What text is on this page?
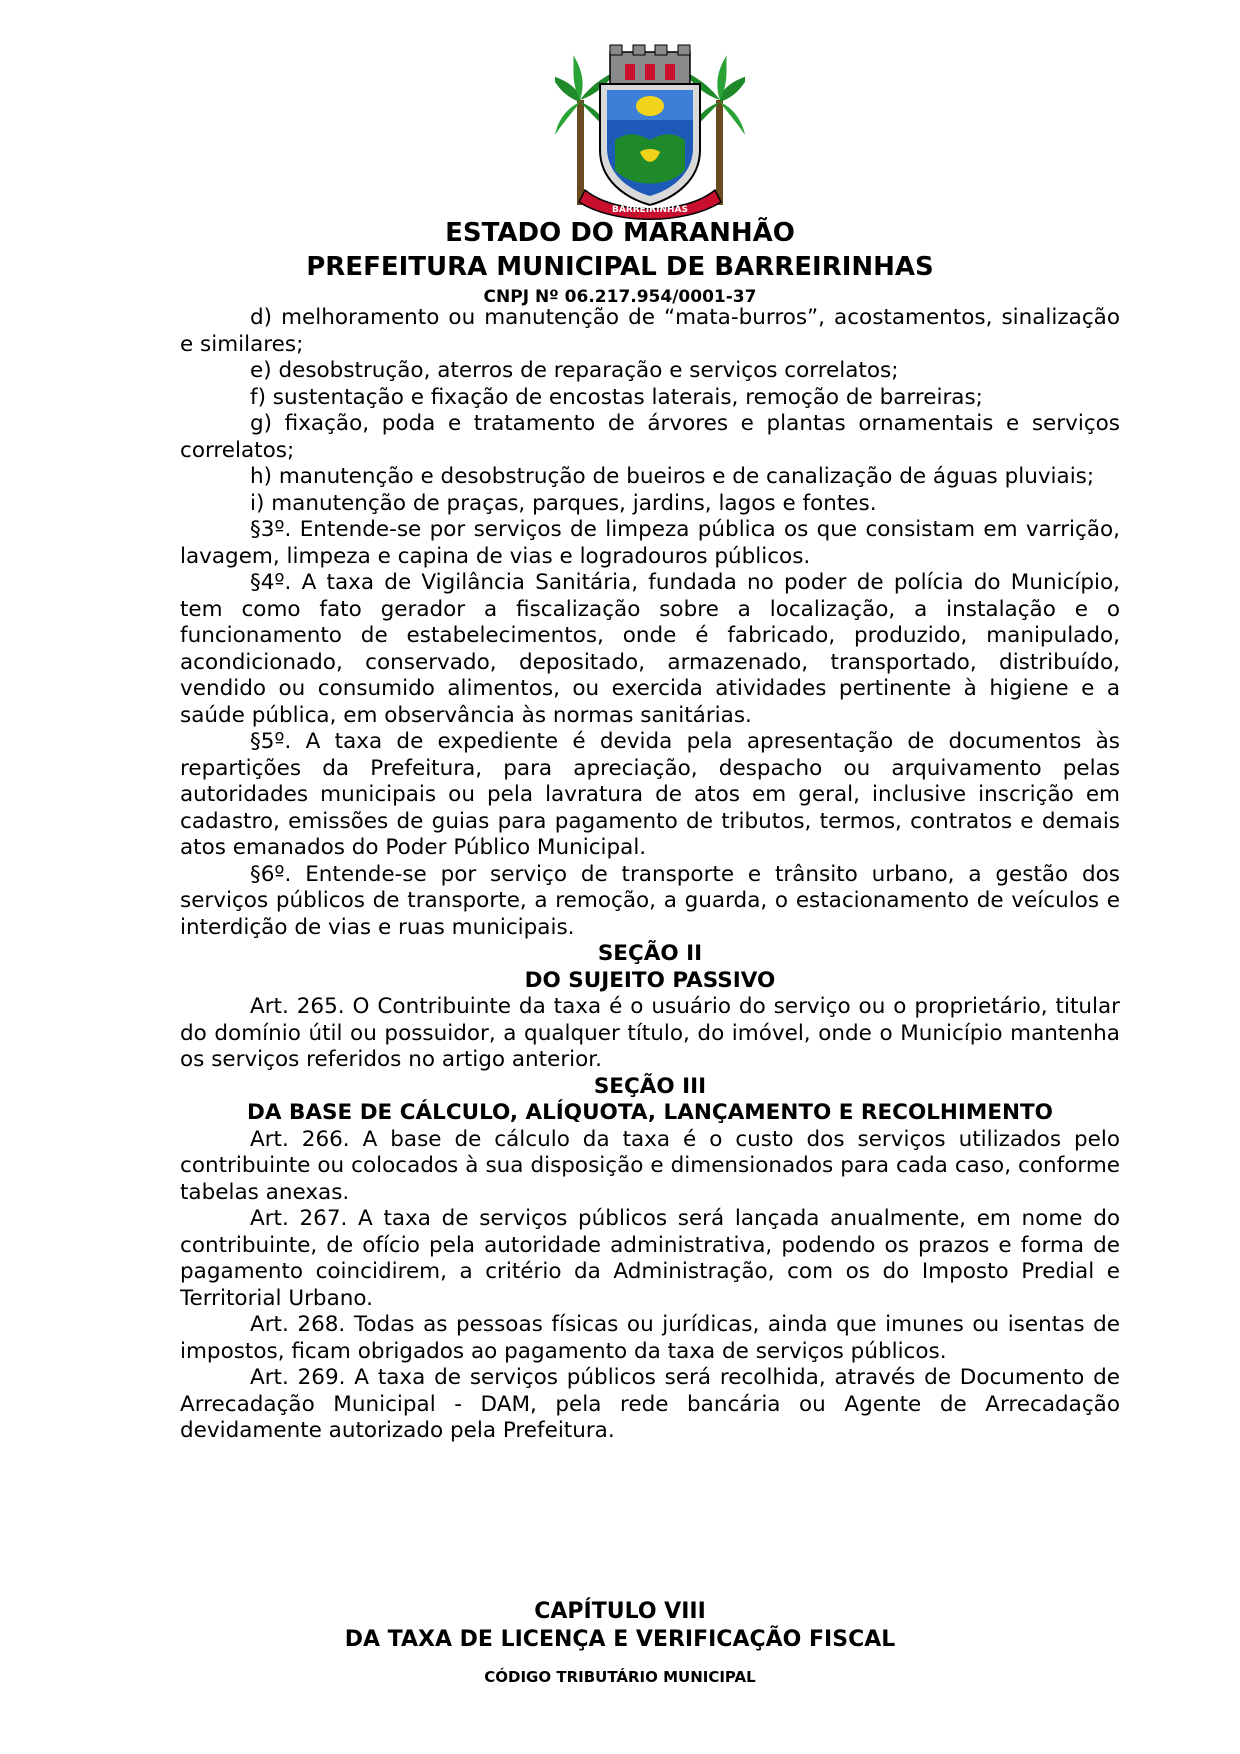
BARREIRINHAS
ESTADO DO MARANHÃO
PREFEITURA MUNICIPAL DE BARREIRINHAS
CNPJ Nº 06.217.954/0001-37

d) melhoramento ou manutenção de “mata-burros”, acostamentos, sinalização e similares;

e) desobstrução, aterros de reparação e serviços correlatos;

f) sustentação e fixação de encostas laterais, remoção de barreiras;

g) fixação, poda e tratamento de árvores e plantas ornamentais e serviços correlatos;

h) manutenção e desobstrução de bueiros e de canalização de águas pluviais;

i) manutenção de praças, parques, jardins, lagos e fontes.

§3º. Entende-se por serviços de limpeza pública os que consistam em varrição, lavagem, limpeza e capina de vias e logradouros públicos.

§4º. A taxa de Vigilância Sanitária, fundada no poder de polícia do Município, tem como fato gerador a fiscalização sobre a localização, a instalação e o funcionamento de estabelecimentos, onde é fabricado, produzido, manipulado, acondicionado, conservado, depositado, armazenado, transportado, distribuído, vendido ou consumido alimentos, ou exercida atividades pertinente à higiene e a saúde pública, em observância às normas sanitárias.

§5º. A taxa de expediente é devida pela apresentação de documentos às repartições da Prefeitura, para apreciação, despacho ou arquivamento pelas autoridades municipais ou pela lavratura de atos em geral, inclusive inscrição em cadastro, emissões de guias para pagamento de tributos, termos, contratos e demais atos emanados do Poder Público Municipal.

§6º. Entende-se por serviço de transporte e trânsito urbano, a gestão dos serviços públicos de transporte, a remoção, a guarda, o estacionamento de veículos e interdição de vias e ruas municipais.

SEÇÃO II

DO SUJEITO PASSIVO

Art. 265. O Contribuinte da taxa é o usuário do serviço ou o proprietário, titular do domínio útil ou possuidor, a qualquer título, do imóvel, onde o Município mantenha os serviços referidos no artigo anterior.

SEÇÃO III

DA BASE DE CÁLCULO, ALÍQUOTA, LANÇAMENTO E RECOLHIMENTO

Art. 266. A base de cálculo da taxa é o custo dos serviços utilizados pelo contribuinte ou colocados à sua disposição e dimensionados para cada caso, conforme tabelas anexas.

Art. 267. A taxa de serviços públicos será lançada anualmente, em nome do contribuinte, de ofício pela autoridade administrativa, podendo os prazos e forma de pagamento coincidirem, a critério da Administração, com os do Imposto Predial e Territorial Urbano.

Art. 268. Todas as pessoas físicas ou jurídicas, ainda que imunes ou isentas de impostos, ficam obrigados ao pagamento da taxa de serviços públicos.

Art. 269. A taxa de serviços públicos será recolhida, através de Documento de Arrecadação Municipal - DAM, pela rede bancária ou Agente de Arrecadação devidamente autorizado pela Prefeitura.

CAPÍTULO VIII
DA TAXA DE LICENÇA E VERIFICAÇÃO FISCAL
CÓDIGO TRIBUTÁRIO MUNICIPAL
